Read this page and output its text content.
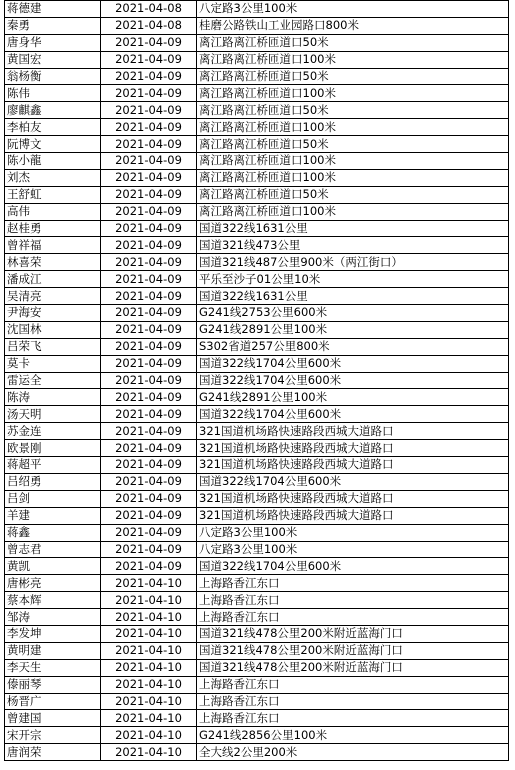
蒋德建	2021-04-08	八定路3公里100米
秦勇	2021-04-08	桂磨公路铁山工业园路口800米
唐身华	2021-04-09	离江路离江桥匝道口50米
黄国宏	2021-04-09	离江路离江桥匝道口100米
翁杨衡	2021-04-09	离江路离江桥匝道口50米
陈伟	2021-04-09	离江路离江桥匝道口100米
廖麒鑫	2021-04-09	离江路离江桥匝道口50米
李柏友	2021-04-09	离江路离江桥匝道口100米
阮博文	2021-04-09	离江路离江桥匝道口50米
陈小龍	2021-04-09	离江路离江桥匝道口100米
刘杰	2021-04-09	离江路离江桥匝道口100米
王舒虹	2021-04-09	离江路离江桥匝道口50米
高伟	2021-04-09	离江路离江桥匝道口100米
赵桂勇	2021-04-09	国道322线1631公里
曾祥福	2021-04-09	国道321线473公里
林喜荣	2021-04-09	国道321线487公里900米（两江街口）
潘成江	2021-04-09	平乐至沙子01公里10米
吴清亮	2021-04-09	国道322线1631公里
尹海安	2021-04-09	G241线2753公里600米
沈国林	2021-04-09	G241线2891公里100米
吕荣飞	2021-04-09	S302省道257公里800米
莫卡	2021-04-09	国道322线1704公里600米
雷运全	2021-04-09	国道322线1704公里600米
陈涛	2021-04-09	G241线2891公里100米
汤天明	2021-04-09	国道322线1704公里600米
苏金连	2021-04-09	321国道机场路快速路段西城大道路口
欧景刚	2021-04-09	321国道机场路快速路段西城大道路口
蒋超平	2021-04-09	321国道机场路快速路段西城大道路口
吕绍勇	2021-04-09	国道322线1704公里600米
吕剑	2021-04-09	321国道机场路快速路段西城大道路口
羊建	2021-04-09	321国道机场路快速路段西城大道路口
蒋鑫	2021-04-09	八定路3公里100米
曾志君	2021-04-09	八定路3公里100米
黄凯	2021-04-09	国道322线1704公里600米
唐彬亮	2021-04-10	上海路香江东口
蔡本辉	2021-04-10	上海路香江东口
邹涛	2021-04-10	上海路香江东口
李发坤	2021-04-10	国道321线478公里200米附近蓝海门口
黄明建	2021-04-10	国道321线478公里200米附近蓝海门口
李天生	2021-04-10	国道321线478公里200米附近蓝海门口
傣丽琴	2021-04-10	上海路香江东口
杨晋广	2021-04-10	上海路香江东口
曾建国	2021-04-10	上海路香江东口
宋开宗	2021-04-10	G241线2856公里100米
唐润荣	2021-04-10	全大线2公里200米
